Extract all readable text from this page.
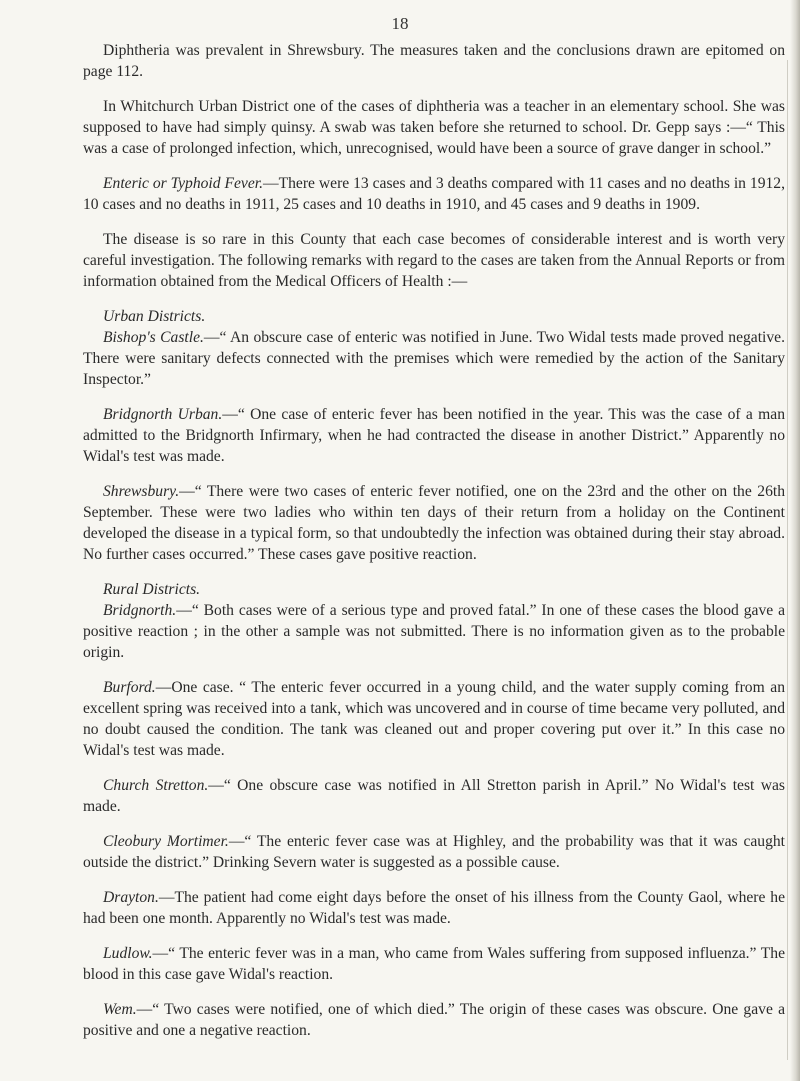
18

Diphtheria was prevalent in Shrewsbury. The measures taken and the conclusions drawn are epitomed on page 112.

In Whitchurch Urban District one of the cases of diphtheria was a teacher in an elementary school. She was supposed to have had simply quinsy. A swab was taken before she returned to school. Dr. Gepp says :—“ This was a case of prolonged infection, which, unrecognised, would have been a source of grave danger in school.”

Enteric or Typhoid Fever.—There were 13 cases and 3 deaths compared with 11 cases and no deaths in 1912, 10 cases and no deaths in 1911, 25 cases and 10 deaths in 1910, and 45 cases and 9 deaths in 1909.

The disease is so rare in this County that each case becomes of considerable interest and is worth very careful investigation. The following remarks with regard to the cases are taken from the Annual Reports or from information obtained from the Medical Officers of Health :—

Urban Districts.

Bishop's Castle.—“ An obscure case of enteric was notified in June. Two Widal tests made proved negative. There were sanitary defects connected with the premises which were remedied by the action of the Sanitary Inspector.”

Bridgnorth Urban.—“ One case of enteric fever has been notified in the year. This was the case of a man admitted to the Bridgnorth Infirmary, when he had contracted the disease in another District.” Apparently no Widal's test was made.

Shrewsbury.—“ There were two cases of enteric fever notified, one on the 23rd and the other on the 26th September. These were two ladies who within ten days of their return from a holiday on the Continent developed the disease in a typical form, so that undoubtedly the infection was obtained during their stay abroad. No further cases occurred.” These cases gave positive reaction.

Rural Districts.

Bridgnorth.—“ Both cases were of a serious type and proved fatal.” In one of these cases the blood gave a positive reaction ; in the other a sample was not submitted. There is no information given as to the probable origin.

Burford.—One case. “ The enteric fever occurred in a young child, and the water supply coming from an excellent spring was received into a tank, which was uncovered and in course of time became very polluted, and no doubt caused the condition. The tank was cleaned out and proper covering put over it.” In this case no Widal's test was made.

Church Stretton.—“ One obscure case was notified in All Stretton parish in April.” No Widal's test was made.

Cleobury Mortimer.—“ The enteric fever case was at Highley, and the probability was that it was caught outside the district.” Drinking Severn water is suggested as a possible cause.

Drayton.—The patient had come eight days before the onset of his illness from the County Gaol, where he had been one month. Apparently no Widal's test was made.

Ludlow.—“ The enteric fever was in a man, who came from Wales suffering from supposed influenza.” The blood in this case gave Widal's reaction.

Wem.—“ Two cases were notified, one of which died.” The origin of these cases was obscure. One gave a positive and one a negative reaction.
